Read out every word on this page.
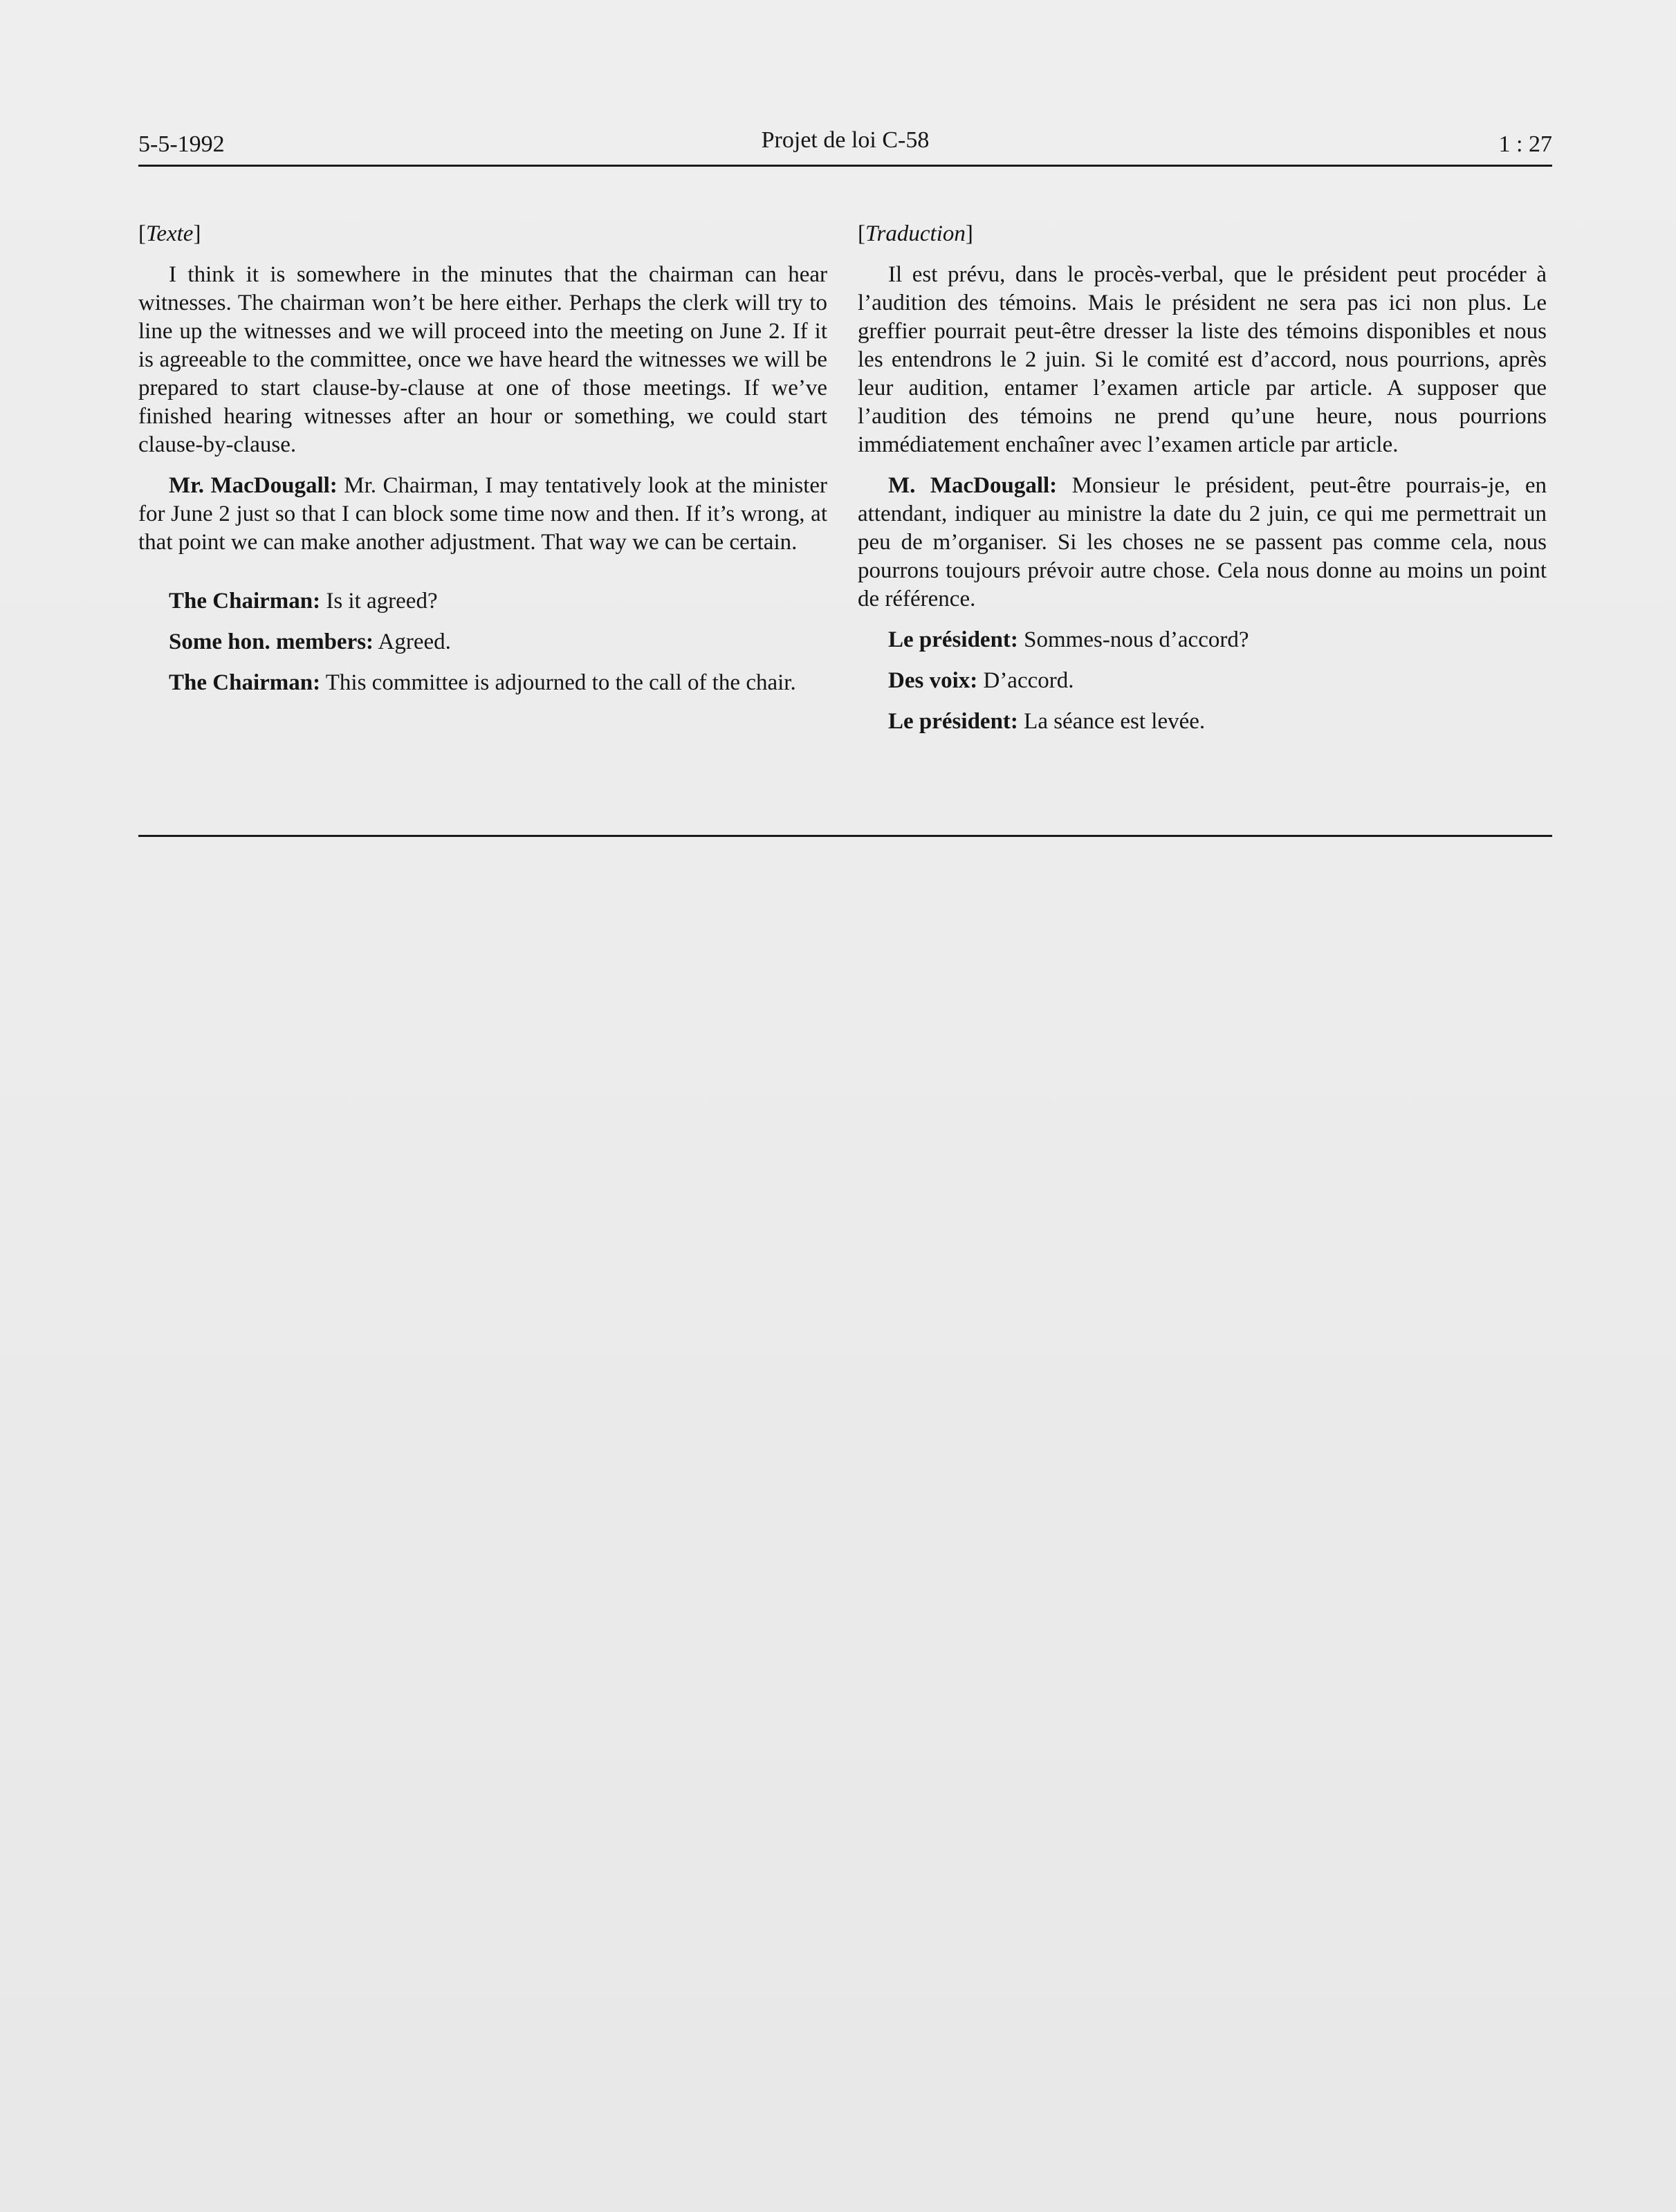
5-5-1992	Projet de loi C-58	1 : 27

[Texte]

I think it is somewhere in the minutes that the chairman can hear witnesses. The chairman won’t be here either. Perhaps the clerk will try to line up the witnesses and we will proceed into the meeting on June 2. If it is agreeable to the committee, once we have heard the witnesses we will be prepared to start clause-by-clause at one of those meetings. If we’ve finished hearing witnesses after an hour or something, we could start clause-by-clause.

Mr. MacDougall: Mr. Chairman, I may tentatively look at the minister for June 2 just so that I can block some time now and then. If it’s wrong, at that point we can make another adjustment. That way we can be certain.

The Chairman: Is it agreed?

Some hon. members: Agreed.

The Chairman: This committee is adjourned to the call of the chair.

[Traduction]

Il est prévu, dans le procès-verbal, que le président peut procéder à l’audition des témoins. Mais le président ne sera pas ici non plus. Le greffier pourrait peut-être dresser la liste des témoins disponibles et nous les entendrons le 2 juin. Si le comité est d’accord, nous pourrions, après leur audition, entamer l’examen article par article. A supposer que l’audition des témoins ne prend qu’une heure, nous pourrions immédiatement enchaîner avec l’examen article par article.

M. MacDougall: Monsieur le président, peut-être pourrais-je, en attendant, indiquer au ministre la date du 2 juin, ce qui me permettrait un peu de m’organiser. Si les choses ne se passent pas comme cela, nous pourrons toujours prévoir autre chose. Cela nous donne au moins un point de référence.

Le président: Sommes-nous d’accord?

Des voix: D’accord.

Le président: La séance est levée.
